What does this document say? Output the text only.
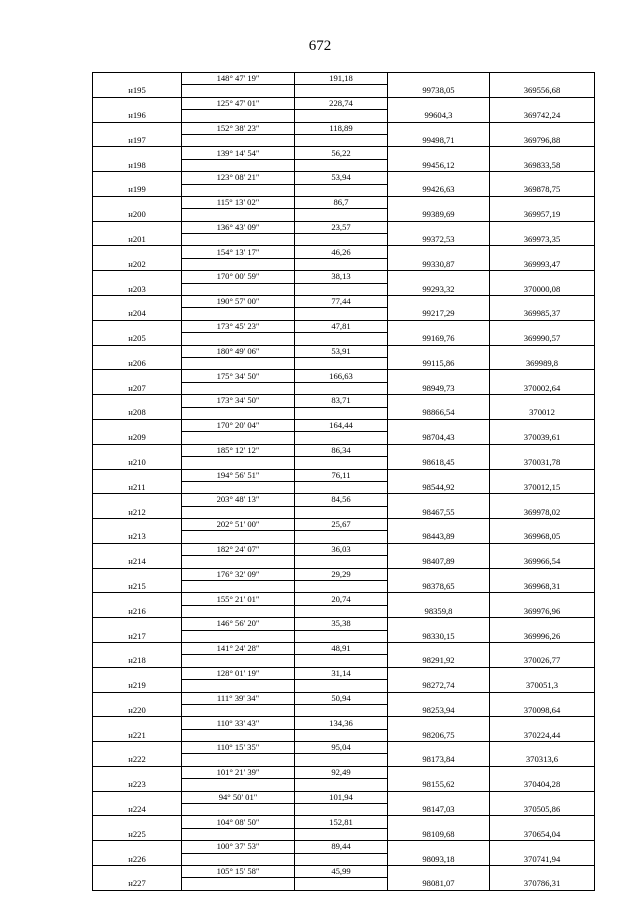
672
	148° 47' 19"	191,18		
н195			99738,05	369556,68
	125° 47' 01"	228,74		
н196			99604,3	369742,24
	152° 38' 23"	118,89		
н197			99498,71	369796,88
	139° 14' 54"	56,22		
н198			99456,12	369833,58
	123° 08' 21"	53,94		
н199			99426,63	369878,75
	115° 13' 02"	86,7		
н200			99389,69	369957,19
	136° 43' 09"	23,57		
н201			99372,53	369973,35
	154° 13' 17"	46,26		
н202			99330,87	369993,47
	170° 00' 59"	38,13		
н203			99293,32	370000,08
	190° 57' 00"	77,44		
н204			99217,29	369985,37
	173° 45' 23"	47,81		
н205			99169,76	369990,57
	180° 49' 06"	53,91		
н206			99115,86	369989,8
	175° 34' 50"	166,63		
н207			98949,73	370002,64
	173° 34' 50"	83,71		
н208			98866,54	370012
	170° 20' 04"	164,44		
н209			98704,43	370039,61
	185° 12' 12"	86,34		
н210			98618,45	370031,78
	194° 56' 51"	76,11		
н211			98544,92	370012,15
	203° 48' 13"	84,56		
н212			98467,55	369978,02
	202° 51' 00"	25,67		
н213			98443,89	369968,05
	182° 24' 07"	36,03		
н214			98407,89	369966,54
	176° 32' 09"	29,29		
н215			98378,65	369968,31
	155° 21' 01"	20,74		
н216			98359,8	369976,96
	146° 56' 20"	35,38		
н217			98330,15	369996,26
	141° 24' 28"	48,91		
н218			98291,92	370026,77
	128° 01' 19"	31,14		
н219			98272,74	370051,3
	111° 39' 34"	50,94		
н220			98253,94	370098,64
	110° 33' 43"	134,36		
н221			98206,75	370224,44
	110° 15' 35"	95,04		
н222			98173,84	370313,6
	101° 21' 39"	92,49		
н223			98155,62	370404,28
	94° 50' 01"	101,94		
н224			98147,03	370505,86
	104° 08' 50"	152,81		
н225			98109,68	370654,04
	100° 37' 53"	89,44		
н226			98093,18	370741,94
	105° 15' 58"	45,99		
н227			98081,07	370786,31
